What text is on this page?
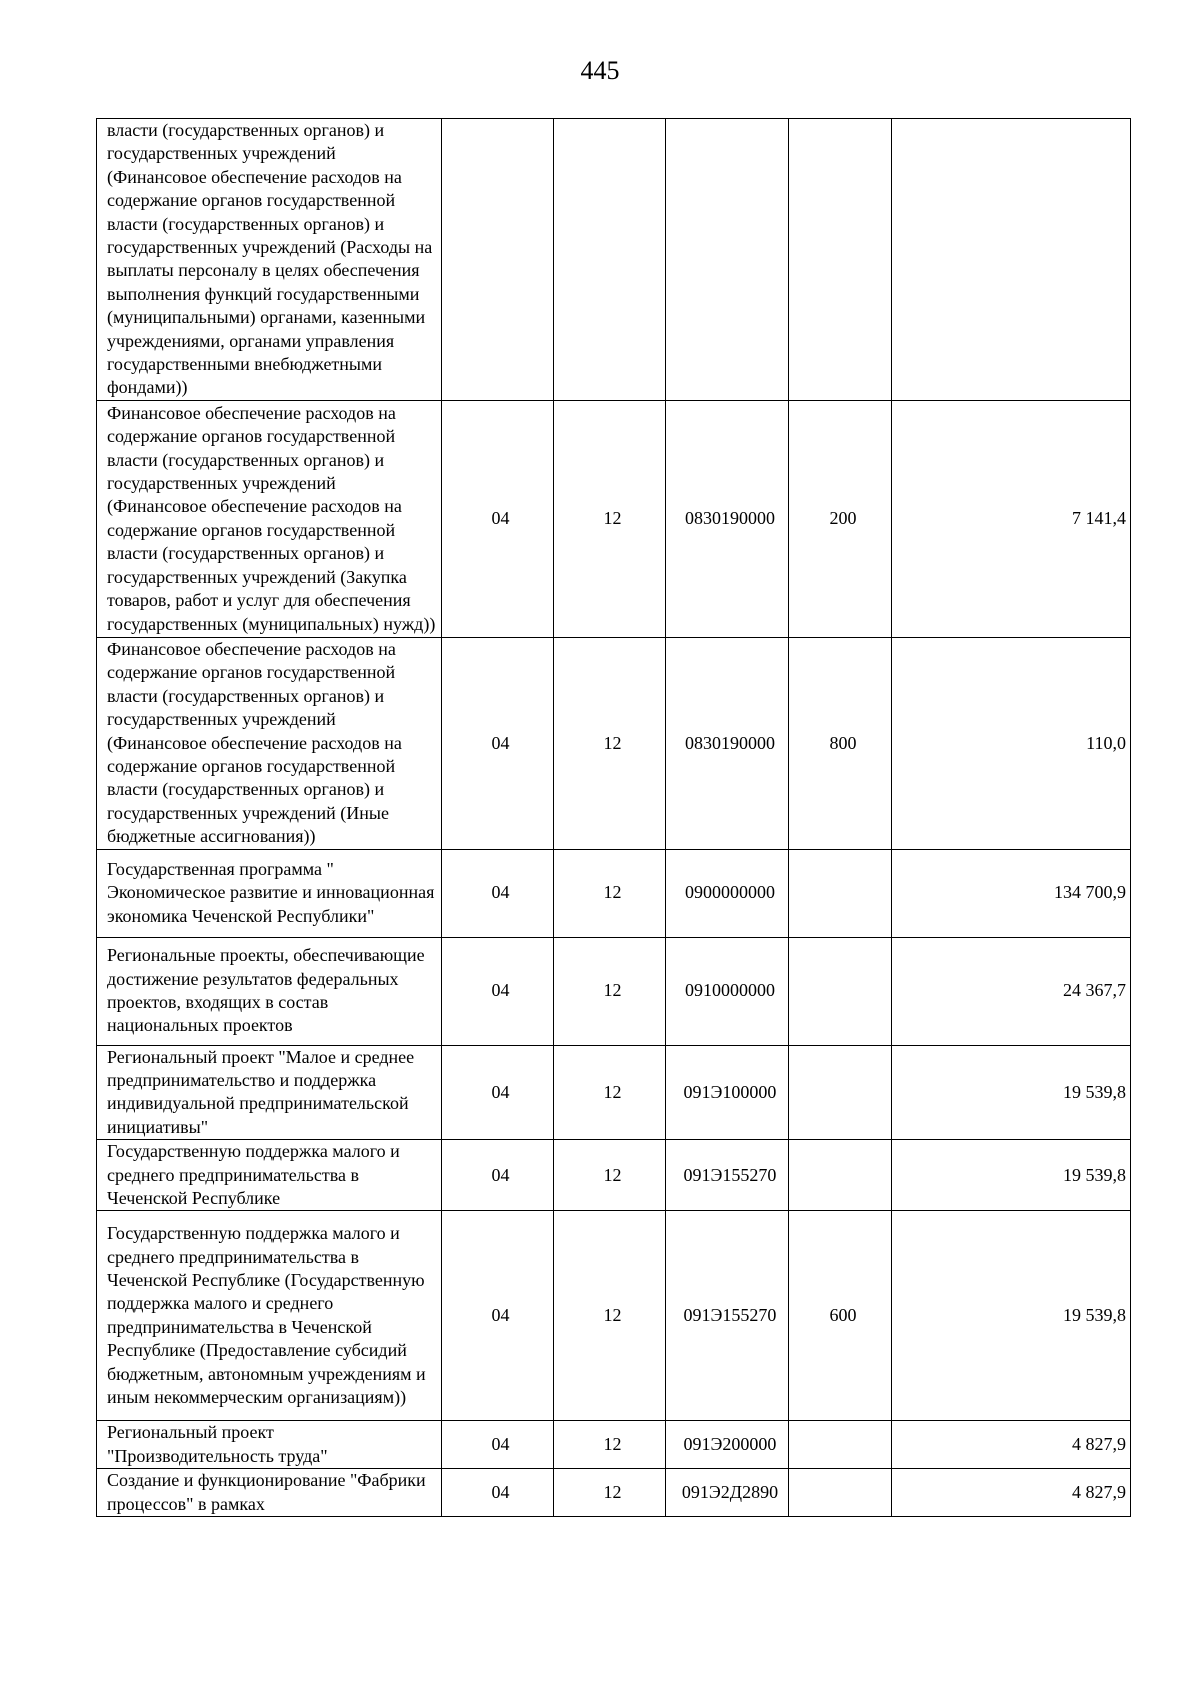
445
власти (государственных органов) и государственных учреждений (Финансовое обеспечение расходов на содержание органов государственной власти (государственных органов) и государственных учреждений (Расходы на выплаты персоналу в целях обеспечения выполнения функций государственными (муниципальными) органами, казенными учреждениями, органами управления государственными внебюджетными фондами))					

Финансовое обеспечение расходов на содержание органов государственной власти (государственных органов) и государственных учреждений (Финансовое обеспечение расходов на содержание органов государственной власти (государственных органов) и государственных учреждений (Закупка товаров, работ и услуг для обеспечения государственных (муниципальных) нужд))	04	12	0830190000	200	7 141,4

Финансовое обеспечение расходов на содержание органов государственной власти (государственных органов) и государственных учреждений (Финансовое обеспечение расходов на содержание органов государственной власти (государственных органов) и государственных учреждений (Иные бюджетные ассигнования))	04	12	0830190000	800	110,0

Государственная программа " Экономическое развитие и инновационная экономика Чеченской Республики"	04	12	0900000000		134 700,9

Региональные проекты, обеспечивающие достижение результатов федеральных проектов, входящих в состав национальных проектов	04	12	0910000000		24 367,7

Региональный проект "Малое и среднее предпринимательство и поддержка индивидуальной предпринимательской инициативы"	04	12	091Э100000		19 539,8

Государственную поддержка малого и среднего предпринимательства в Чеченской Республике	04	12	091Э155270		19 539,8

Государственную поддержка малого и среднего предпринимательства в Чеченской Республике (Государственную поддержка малого и среднего предпринимательства в Чеченской Республике (Предоставление субсидий бюджетным, автономным учреждениям и иным некоммерческим организациям))	04	12	091Э155270	600	19 539,8

Региональный проект "Производительность труда"	04	12	091Э200000		4 827,9

Создание и функционирование "Фабрики процессов" в рамках	04	12	091Э2Д2890		4 827,9
